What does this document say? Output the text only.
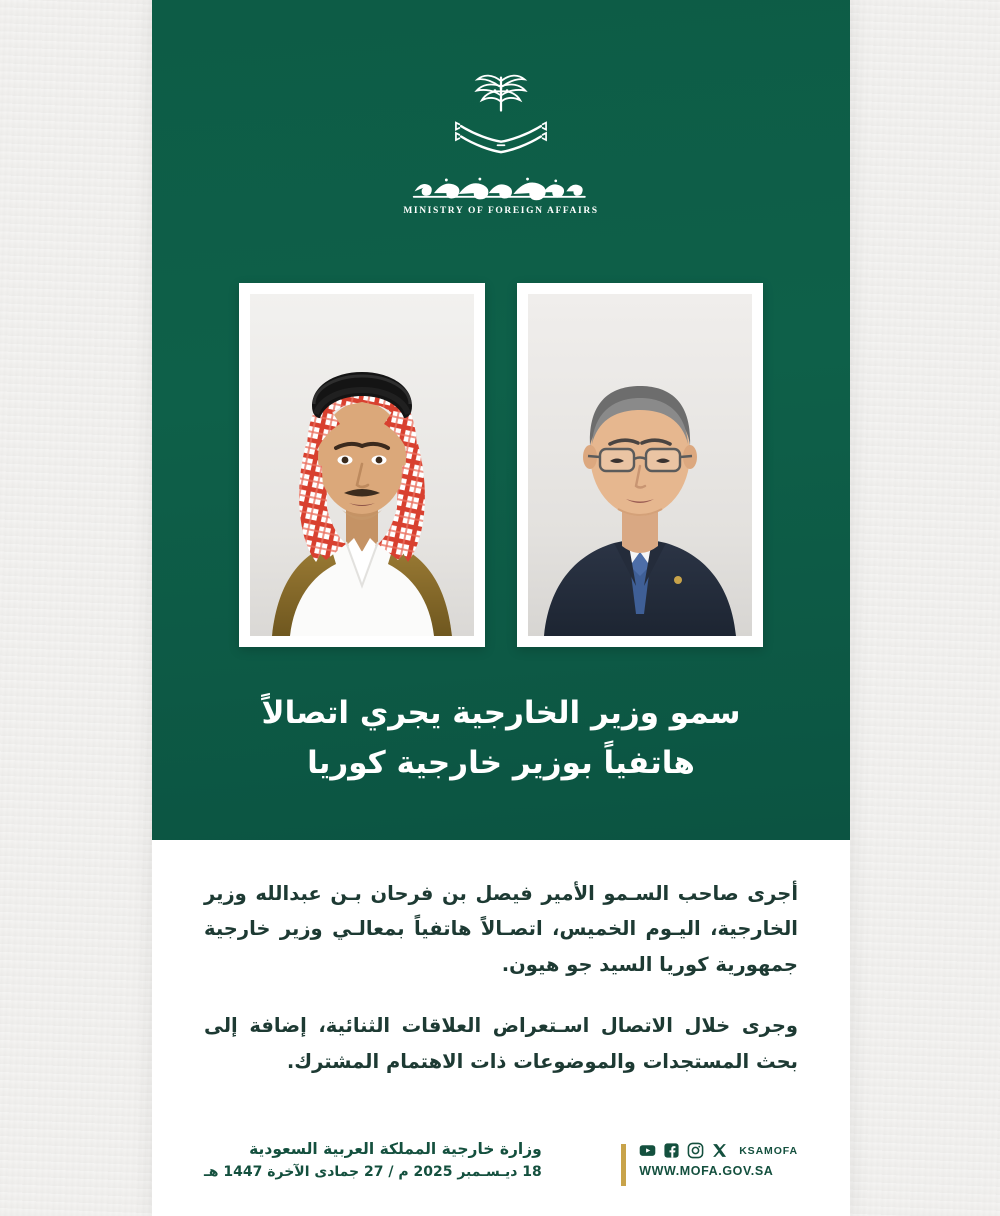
MINISTRY OF FOREIGN AFFAIRS
سمو وزير الخارجية يجري اتصالاً
هاتفياً بوزير خارجية كوريا

أجرى صاحب السـمو الأمير فيصل بن فرحان بـن عبدالله وزير الخارجية، اليـوم الخميس، اتصـالاً هاتفياً بمعالـي وزير خارجية جمهورية كوريا السيد جو هيون.

وجرى خلال الاتصال اسـتعراض العلاقات الثنائية، إضافة إلى بحث المستجدات والموضوعات ذات الاهتمام المشترك.

KSAMOFA
WWW.MOFA.GOV.SA
وزارة خارجية المملكة العربية السعودية
18 ديـسـمبر 2025 م / 27 جمادى الآخرة 1447 هـ
